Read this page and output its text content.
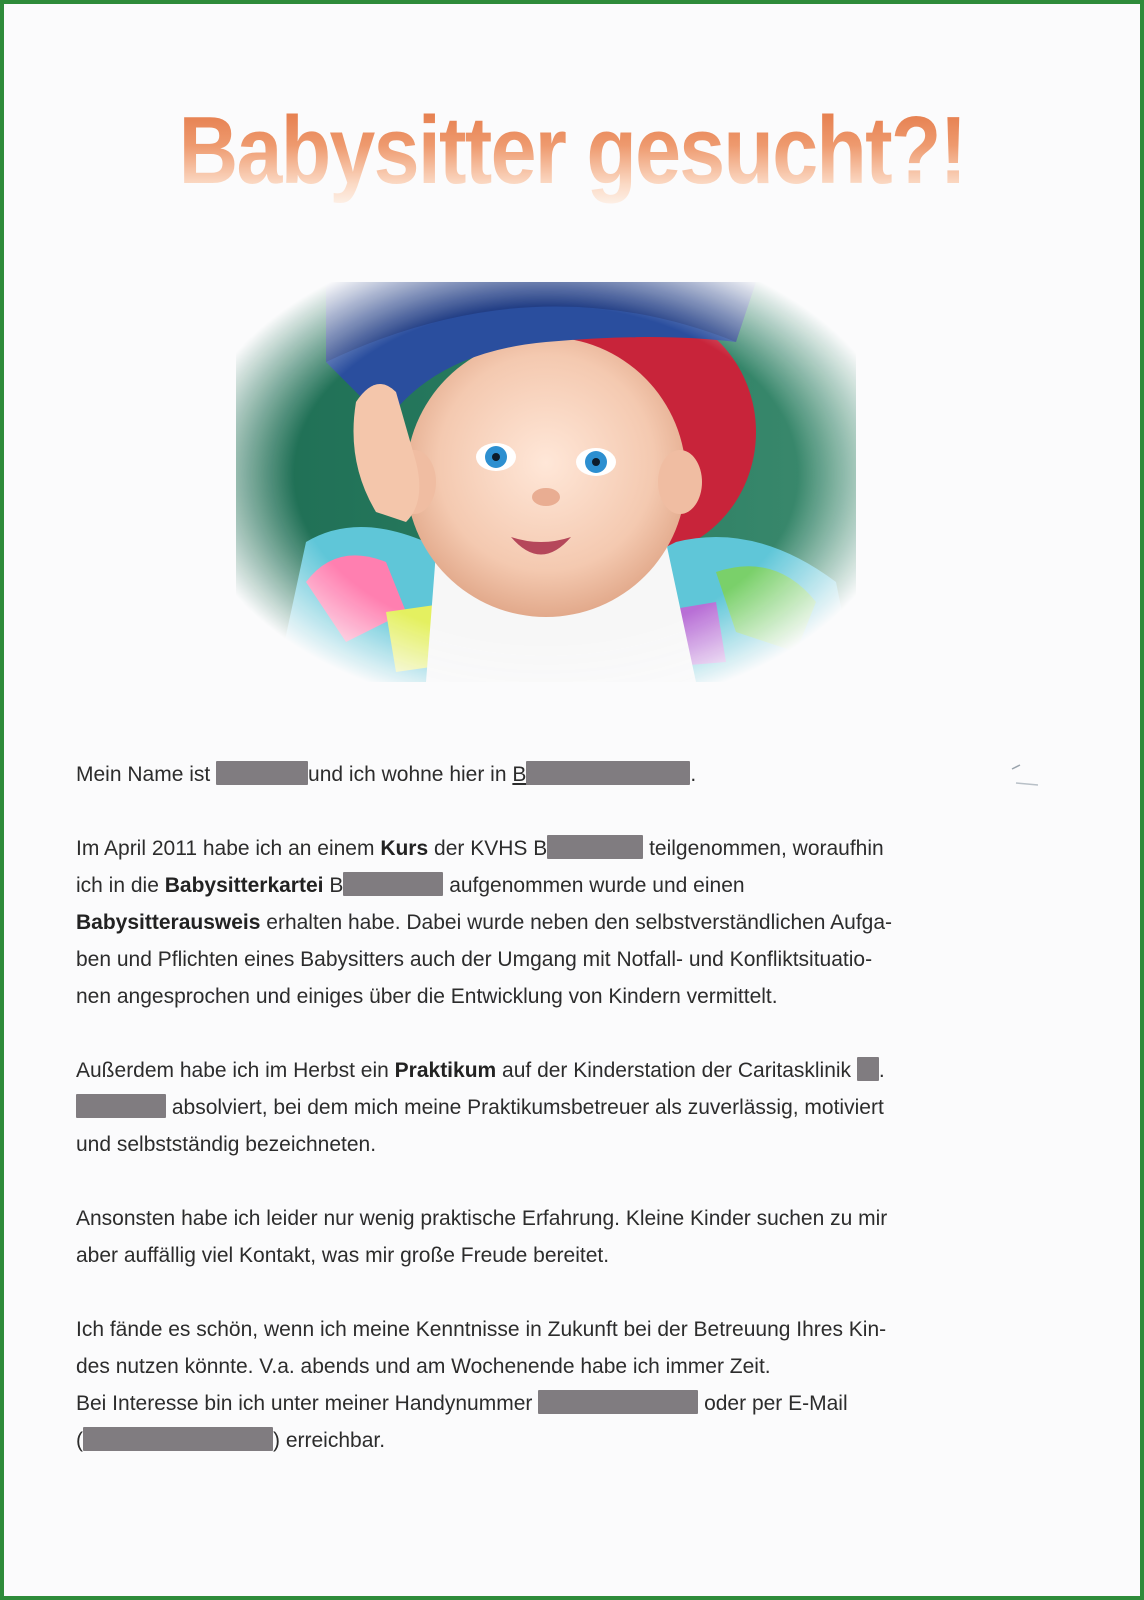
Babysitter gesucht?!

Mein Name ist	und ich wohne hier in B	.

Im April 2011 habe ich an einem Kurs der KVHS B	teilgenommen, woraufhin
ich in die Babysitterkartei B	aufgenommen wurde und einen
Babysitterausweis erhalten habe. Dabei wurde neben den selbstverständlichen Aufga-
ben und Pflichten eines Babysitters auch der Umgang mit Notfall- und Konfliktsituatio-
nen angesprochen und einiges über die Entwicklung von Kindern vermittelt.

Außerdem habe ich im Herbst ein Praktikum auf der Kinderstation der Caritasklinik .
absolviert, bei dem mich meine Praktikumsbetreuer als zuverlässig, motiviert
und selbstständig bezeichneten.

Ansonsten habe ich leider nur wenig praktische Erfahrung. Kleine Kinder suchen zu mir
aber auffällig viel Kontakt, was mir große Freude bereitet.

Ich fände es schön, wenn ich meine Kenntnisse in Zukunft bei der Betreuung Ihres Kin-
des nutzen könnte. V.a. abends und am Wochenende habe ich immer Zeit.
Bei Interesse bin ich unter meiner Handynummer	oder per E-Mail
(	) erreichbar.
